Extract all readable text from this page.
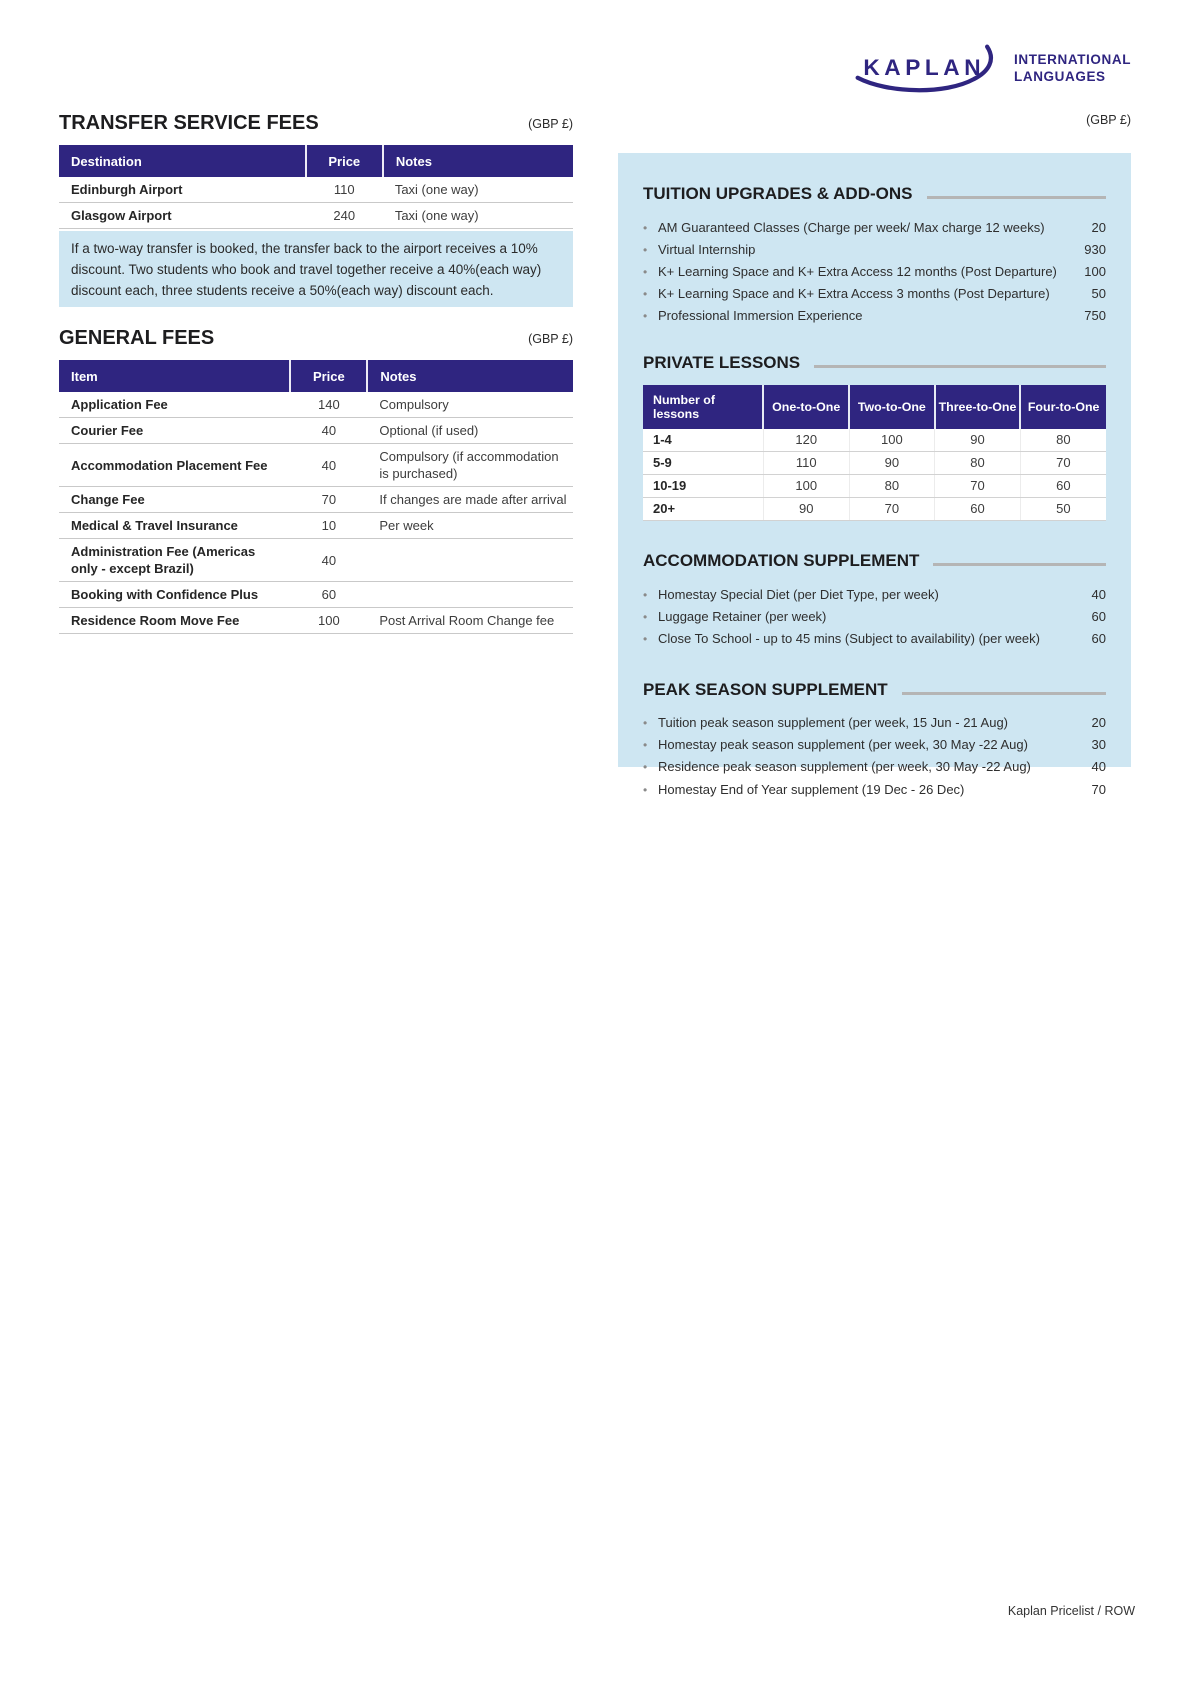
KAPLAN INTERNATIONAL
LANGUAGES
(GBP £)
TRANSFER SERVICE FEES	(GBP £)
Destination	Price	Notes
Edinburgh Airport	110	Taxi (one way)
Glasgow Airport	240	Taxi (one way)
If a two-way transfer is booked, the transfer back to the airport receives a 10% discount. Two students who book and travel together receive a 40%(each way) discount each, three students receive a 50%(each way) discount each.
GENERAL FEES	(GBP £)
Item	Price	Notes
Application Fee	140	Compulsory
Courier Fee	40	Optional (if used)
Accommodation Placement Fee	40	Compulsory (if accommodation is purchased)
Change Fee	70	If changes are made after arrival
Medical & Travel Insurance	10	Per week
Administration Fee (Americas only - except Brazil)	40	
Booking with Confidence Plus	60	
Residence Room Move Fee	100	Post Arrival Room Change fee
TUITION UPGRADES & ADD-ONS
• AM Guaranteed Classes (Charge per week/ Max charge 12 weeks)	20
• Virtual Internship	930
• K+ Learning Space and K+ Extra Access 12 months (Post Departure)	100
• K+ Learning Space and K+ Extra Access 3 months (Post Departure)	50
• Professional Immersion Experience	750
PRIVATE LESSONS
Number of lessons	One-to-One	Two-to-One	Three-to-One	Four-to-One
1-4	120	100	90	80
5-9	110	90	80	70
10-19	100	80	70	60
20+	90	70	60	50
ACCOMMODATION SUPPLEMENT
• Homestay Special Diet (per Diet Type, per week)	40
• Luggage Retainer (per week)	60
• Close To School - up to 45 mins (Subject to availability) (per week)	60
PEAK SEASON SUPPLEMENT
• Tuition peak season supplement (per week, 15 Jun - 21 Aug)	20
• Homestay peak season supplement (per week, 30 May -22 Aug)	30
• Residence peak season supplement (per week, 30 May -22 Aug)	40
• Homestay End of Year supplement (19 Dec - 26 Dec)	70
Kaplan Pricelist / ROW
